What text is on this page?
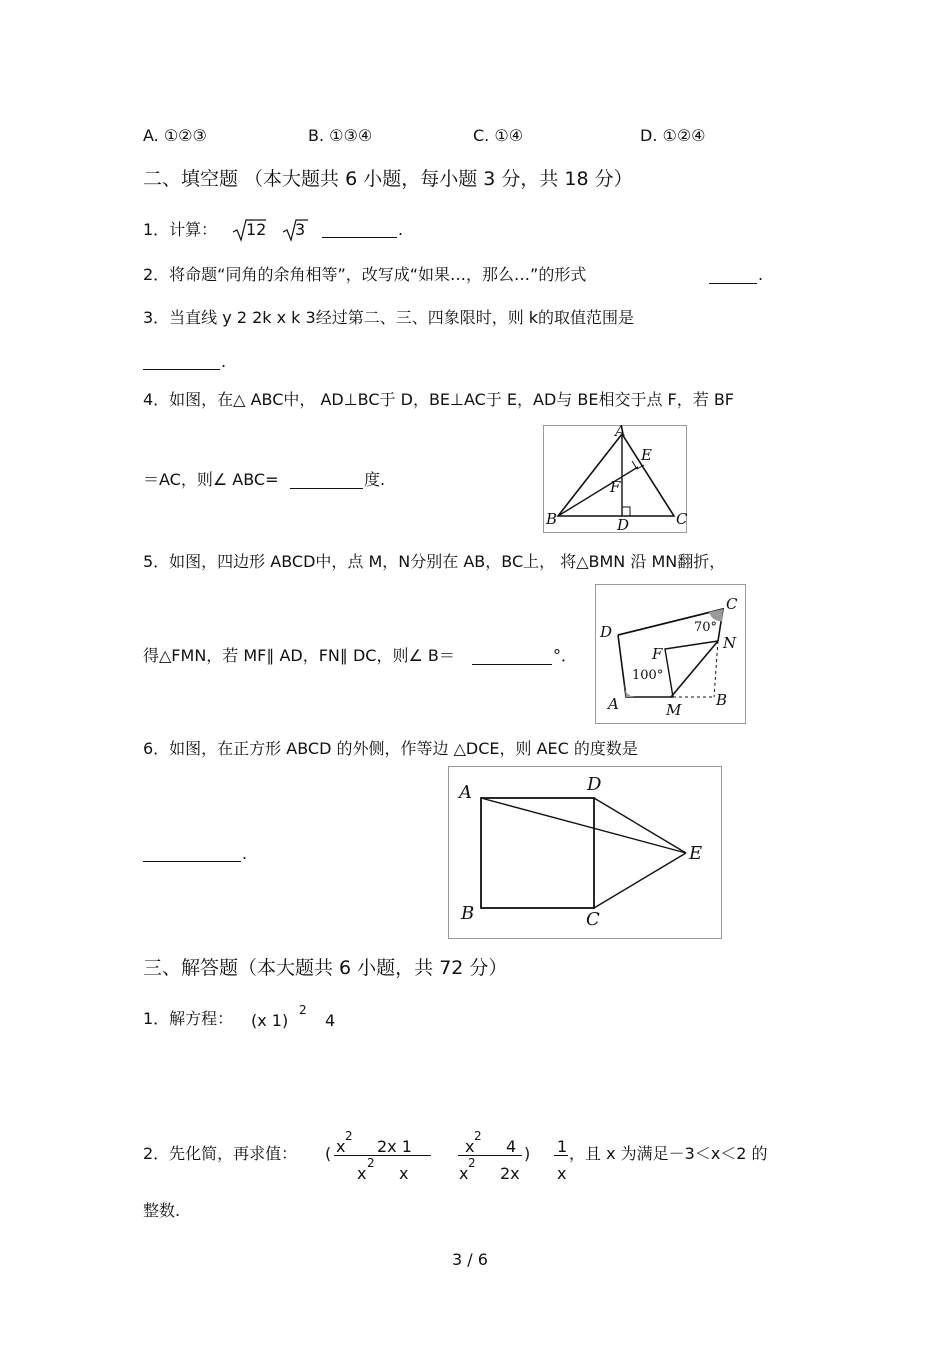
A. ①②③	B. ①③④	C. ①④	D. ①②④
二、填空题 （本大题共 6 小题，每小题 3 分，共 18 分）
1．计算： 12 3	.
2．将命题“同角的余角相等”，改写成“如果…，那么…”的形式	.
3．当直线 y 2 2k x k 3经过第二、三、四象限时，则 k的取值范围是
.
4．如图，在△ ABC中， AD⊥BC于 D，BE⊥AC于 E，AD与 BE相交于点 F，若 BF
＝AC，则∠ ABC=	度.
A
B	C
D
E
F
5．如图，四边形 ABCD中，点 M，N分别在 AB，BC上， 将△BMN 沿 MN翻折，
得△FMN，若 MF∥ AD，FN∥ DC，则∠ B＝	°．
C
D
A	B
M
N
F
70°
100°
6．如图，在正方形 ABCD 的外侧，作等边 △DCE，则 AEC 的度数是
.
A
B	C
D
E
三、解答题（本大题共 6 小题，共 72 分）
1．解方程： (x 1)
2
4
2．先化简，再求值： ( x
2
2x 1
x
2
x
x
2
4
x
2
2x
) 1
x
，且 x 为满足－3＜x＜2 的
整数.
3 / 6
